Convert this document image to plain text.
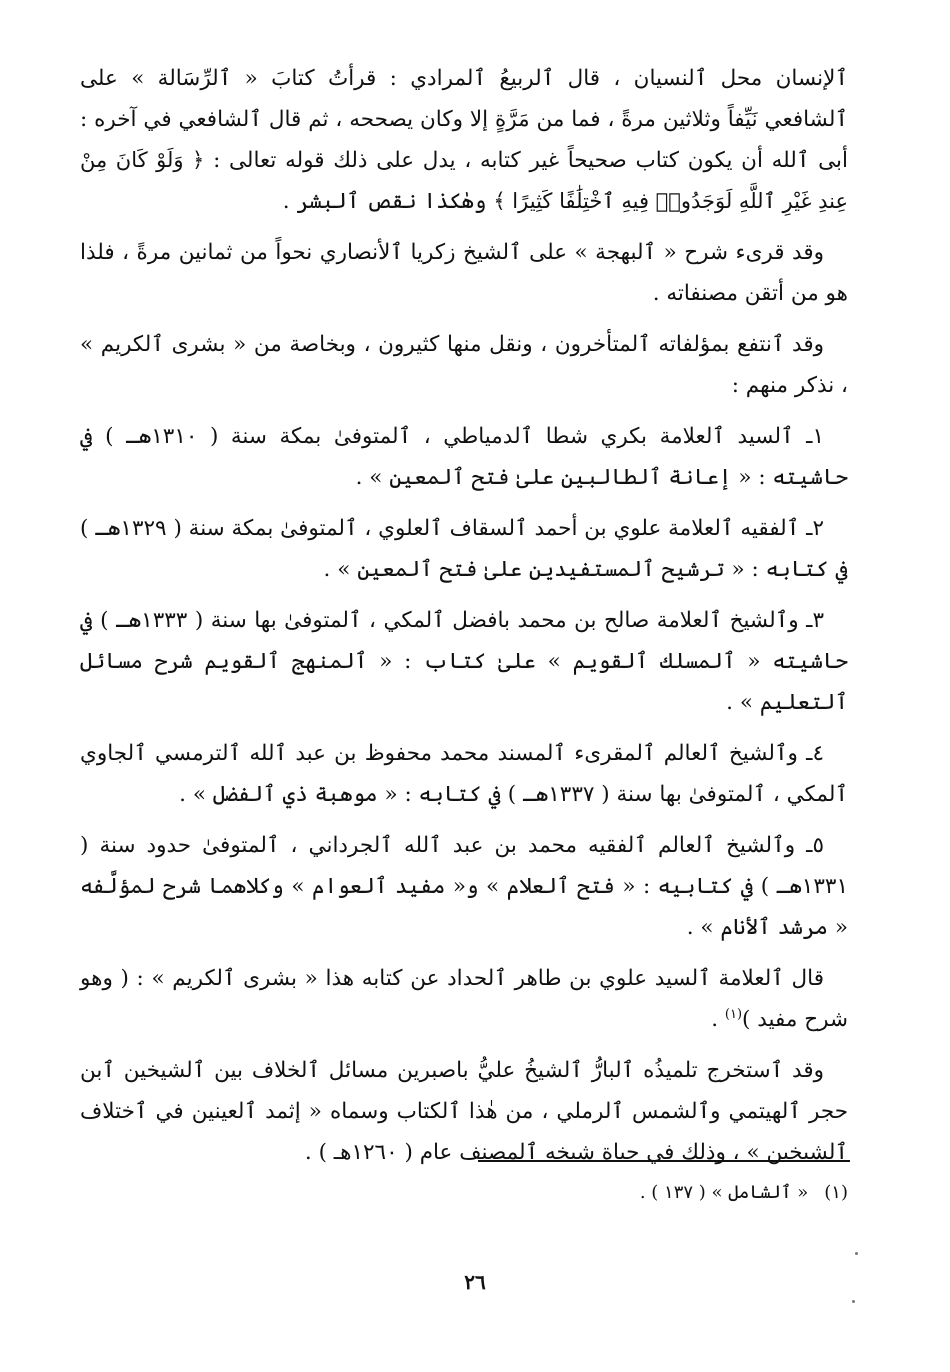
ٱلإنسان محل ٱلنسيان ، قال ٱلربيعُ ٱلمرادي : قرأتُ كتابَ « ٱلرِّسَالة » على ٱلشافعي نَيِّفاً وثلاثين مرةً ، فما من مَرَّةٍ إلا وكان يصححه ، ثم قال ٱلشافعي في آخره : أبى ٱلله أن يكون كتاب صحيحاً غير كتابه ، يدل على ذلك قوله تعالى : ﴿ وَلَوْ كَانَ مِنْ عِندِ غَيْرِ ٱللَّهِ لَوَجَدُوا۟ فِيهِ ٱخْتِلَٰفًا كَثِيرًا ﴾ وهٰكذا نقص ٱلبشر .

وقد قرىء شرح « ٱلبهجة » على ٱلشيخ زكريا ٱلأنصاري نحواً من ثمانين مرةً ، فلذا هو من أتقن مصنفاته .

وقد ٱنتفع بمؤلفاته ٱلمتأخرون ، ونقل منها كثيرون ، وبخاصة من « بشرى ٱلكريم » ، نذكر منهم :

١ـ ٱلسيد ٱلعلامة بكري شطا ٱلدمياطي ، ٱلمتوفىٰ بمكة سنة ( ١٣١٠هـ ) في حاشيته : « إعانة ٱلطالبين علىٰ فتح ٱلمعين » .

٢ـ ٱلفقيه ٱلعلامة علوي بن أحمد ٱلسقاف ٱلعلوي ، ٱلمتوفىٰ بمكة سنة ( ١٣٢٩هـ ) في كتابه : « ترشيح ٱلمستفيدين علىٰ فتح ٱلمعين » .

٣ـ وٱلشيخ ٱلعلامة صالح بن محمد بافضل ٱلمكي ، ٱلمتوفىٰ بها سنة ( ١٣٣٣هـ ) في حاشيته « ٱلمسلك ٱلقويم » علىٰ كتاب : « ٱلمنهج ٱلقويم شرح مسائل ٱلتعليم » .

٤ـ وٱلشيخ ٱلعالم ٱلمقرىء ٱلمسند محمد محفوظ بن عبد ٱلله ٱلترمسي ٱلجاوي ٱلمكي ، ٱلمتوفىٰ بها سنة ( ١٣٣٧هـ ) في كتابه : « موهبة ذي ٱلفضل » .

٥ـ وٱلشيخ ٱلعالم ٱلفقيه محمد بن عبد ٱلله ٱلجرداني ، ٱلمتوفىٰ حدود سنة ( ١٣٣١هـ ) في كتابيه : « فتح ٱلعلام » و« مفيد ٱلعوام » وكلاهما شرح لمؤلَّفه « مرشد ٱلأنام » .

قال ٱلعلامة ٱلسيد علوي بن طاهر ٱلحداد عن كتابه هذا « بشرى ٱلكريم » : ( وهو شرح مفيد )$^{(١)}$ .

وقد ٱستخرج تلميذُه ٱلبارُّ ٱلشيخُ عليُّ باصبرين مسائل ٱلخلاف بين ٱلشيخين ٱبن حجر ٱلهيتمي وٱلشمس ٱلرملي ، من هٰذا ٱلكتاب وسماه « إثمد ٱلعينين في ٱختلاف ٱلشيخين » ، وذلك في حياة شيخه ٱلمصنف عام ( ١٢٦٠هـ ) .

(١)« ٱلشامل » ( ١٣٧ ) .
٢٦
